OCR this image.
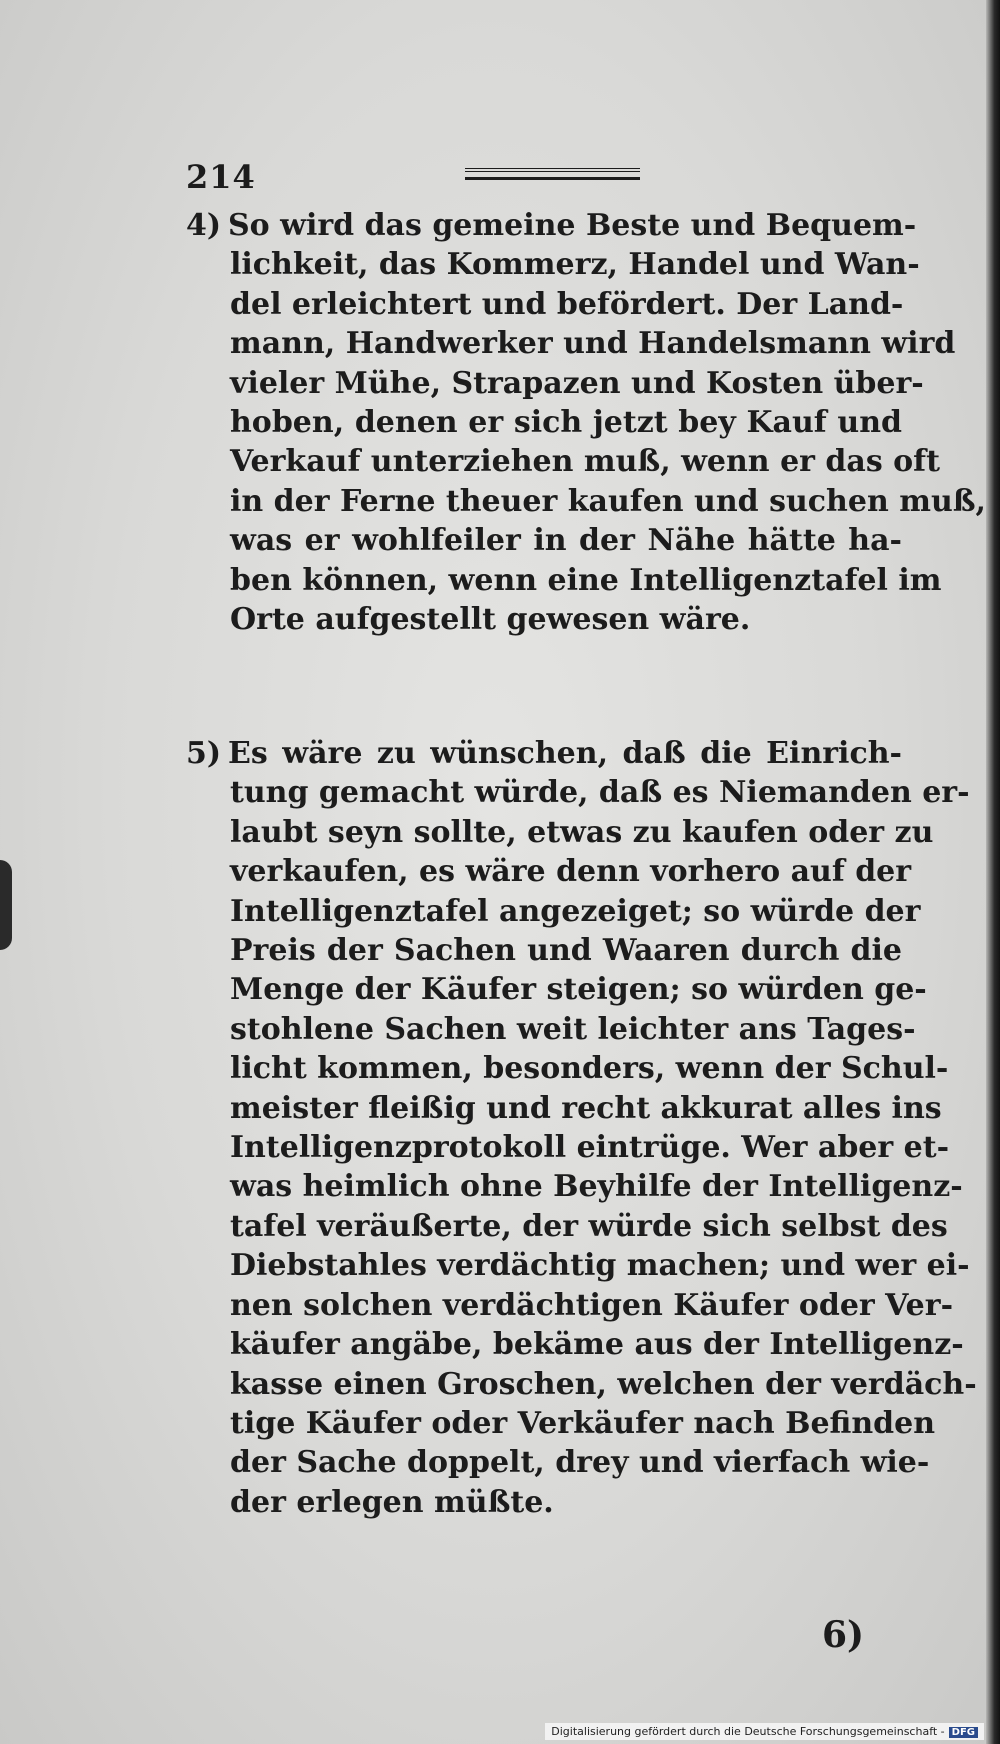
214
4) So wird das gemeine Beste und Bequem-
lichkeit, das Kommerz, Handel und Wan-
del erleichtert und befördert. Der Land-
mann, Handwerker und Handelsmann wird
vieler Mühe, Strapazen und Kosten über-
hoben, denen er sich jetzt bey Kauf und
Verkauf unterziehen muß, wenn er das oft
in der Ferne theuer kaufen und suchen muß,
was er wohlfeiler in der Nähe hätte ha-
ben können, wenn eine Intelligenztafel im
Orte aufgestellt gewesen wäre.
5) Es wäre zu wünschen, daß die Einrich-
tung gemacht würde, daß es Niemanden er-
laubt seyn sollte, etwas zu kaufen oder zu
verkaufen, es wäre denn vorhero auf der
Intelligenztafel angezeiget; so würde der
Preis der Sachen und Waaren durch die
Menge der Käufer steigen; so würden ge-
stohlene Sachen weit leichter ans Tages-
licht kommen, besonders, wenn der Schul-
meister fleißig und recht akkurat alles ins
Intelligenzprotokoll eintrüge. Wer aber et-
was heimlich ohne Beyhilfe der Intelligenz-
tafel veräußerte, der würde sich selbst des
Diebstahles verdächtig machen; und wer ei-
nen solchen verdächtigen Käufer oder Ver-
käufer angäbe, bekäme aus der Intelligenz-
kasse einen Groschen, welchen der verdäch-
tige Käufer oder Verkäufer nach Befinden
der Sache doppelt, drey und vierfach wie-
der erlegen müßte.
6)
Digitalisierung gefördert durch die Deutsche Forschungsgemeinschaft - DFG
